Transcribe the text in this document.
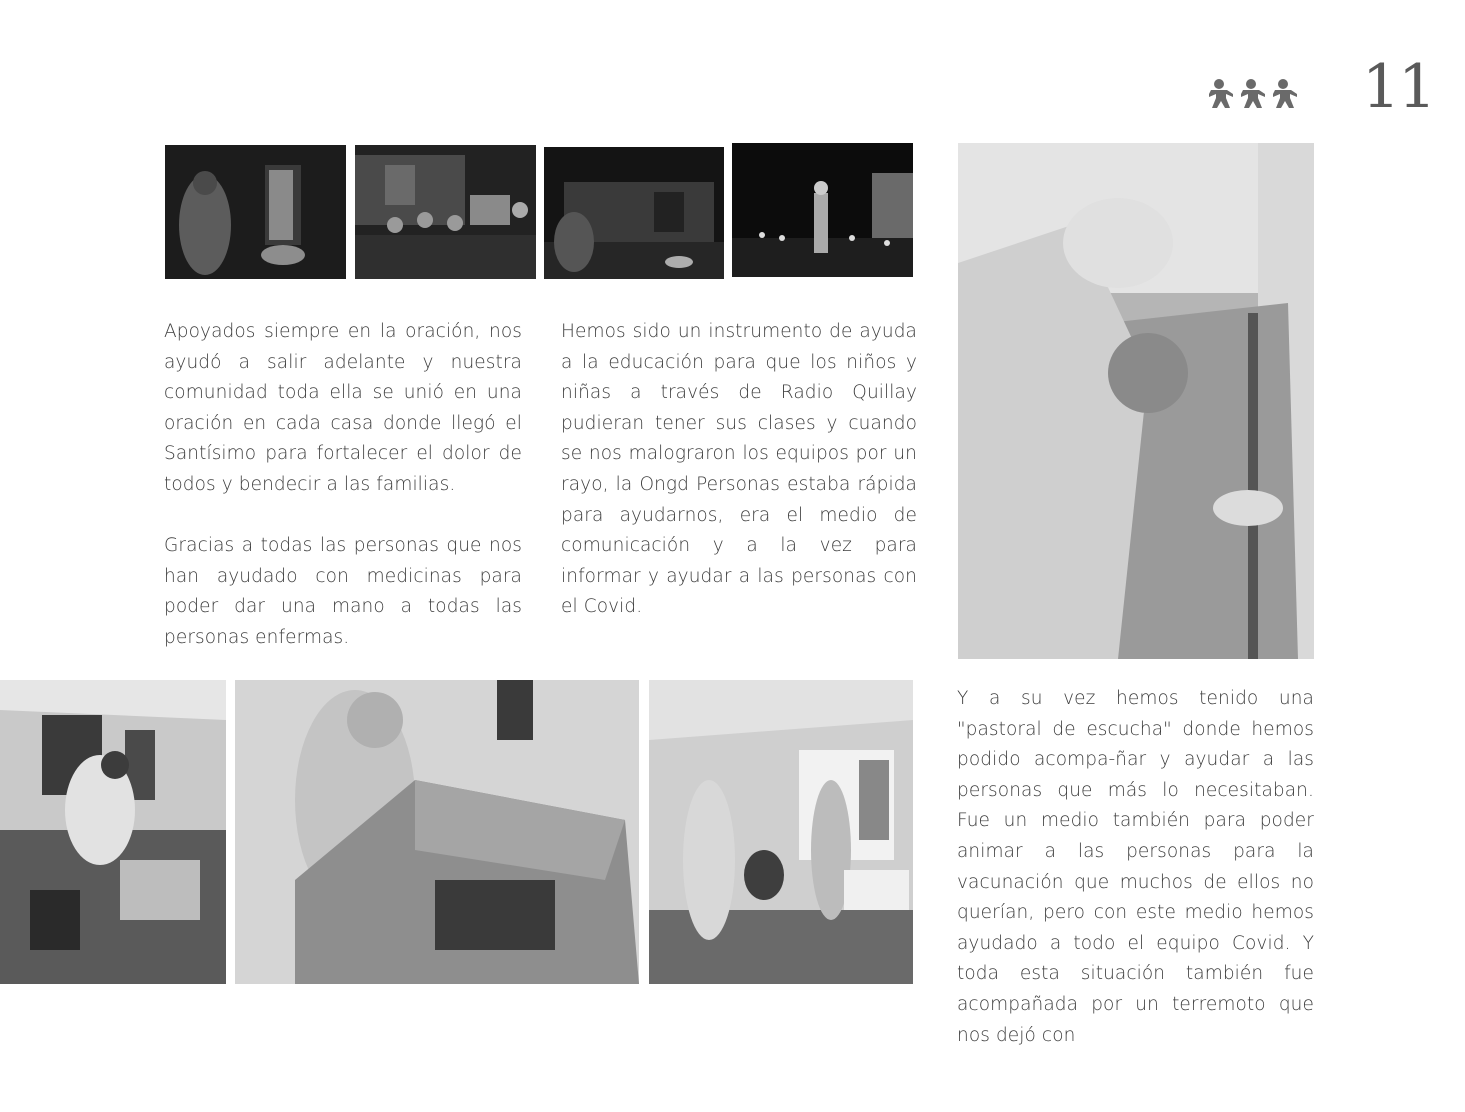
11

Apoyados siempre en la oración, nos ayudó a salir adelante y nuestra comunidad toda ella se unió en una oración en cada casa donde llegó el Santísimo para fortalecer el dolor de todos y bendecir a las familias.

Gracias a todas las personas que nos han ayudado con medicinas para poder dar una mano a todas las personas enfermas.

Hemos sido un instrumento de ayuda a la educación para que los niños y niñas a través de Radio Quillay pudieran tener sus clases y cuando se nos malograron los equipos por un rayo, la Ongd Personas estaba rápida para ayudarnos, era el medio de comunicación y a la vez para informar y ayudar a las personas con el Covid.

Y a su vez hemos tenido una "pastoral de escucha" donde hemos podido acompa-ñar y ayudar a las personas que más lo necesitaban. Fue un medio también para poder animar a las personas para la vacunación que muchos de ellos no querían, pero con este medio hemos ayudado a todo el equipo Covid. Y toda esta situación también fue acompañada por un terremoto que nos dejó con
